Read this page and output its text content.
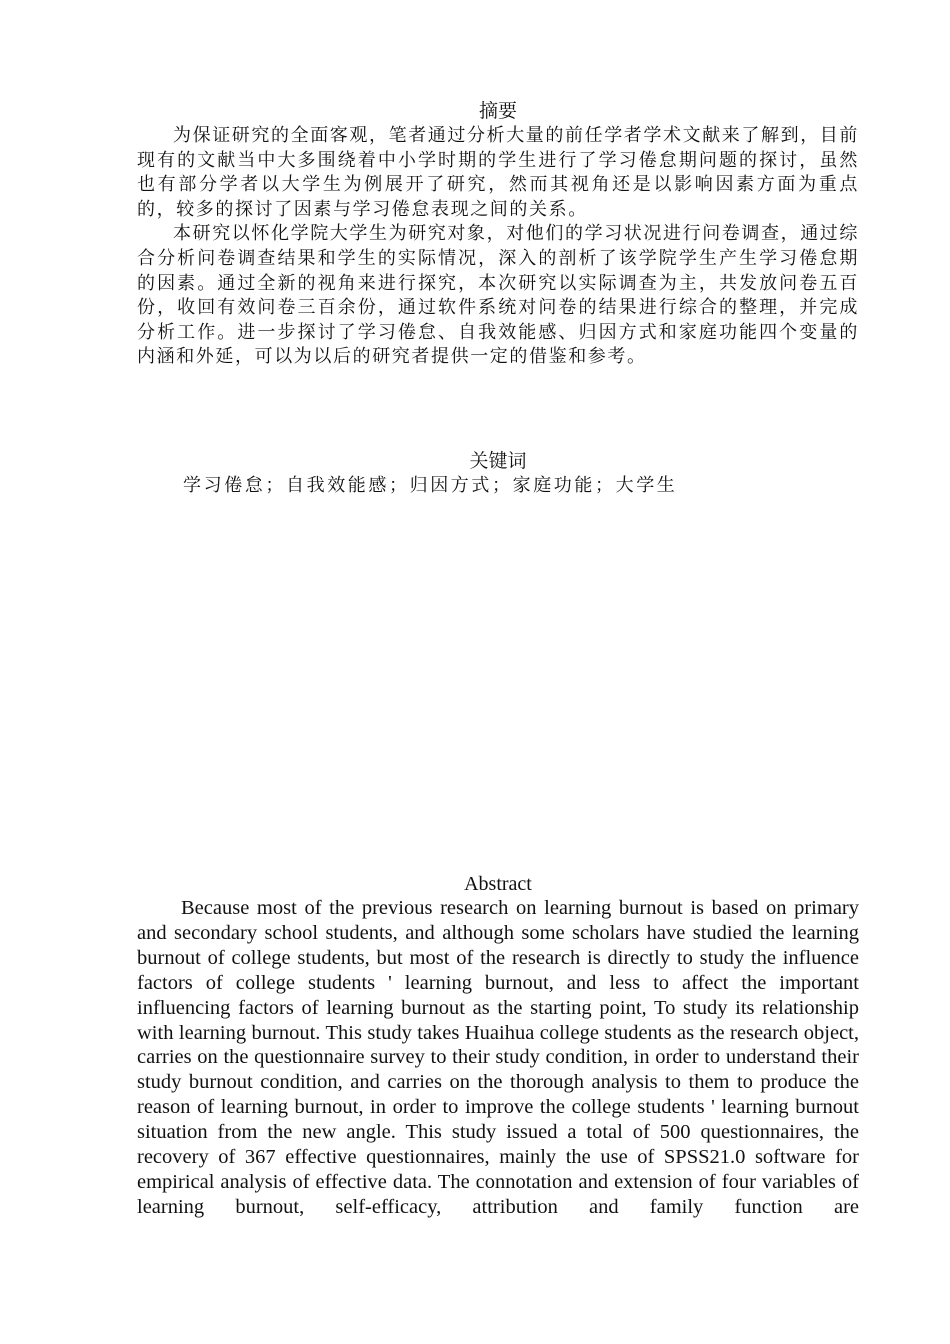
摘要

为保证研究的全面客观，笔者通过分析大量的前任学者学术文献来了解到，目前现有的文献当中大多围绕着中小学时期的学生进行了学习倦怠期问题的探讨，虽然也有部分学者以大学生为例展开了研究，然而其视角还是以影响因素方面为重点的，较多的探讨了因素与学习倦怠表现之间的关系。

本研究以怀化学院大学生为研究对象，对他们的学习状况进行问卷调查，通过综合分析问卷调查结果和学生的实际情况，深入的剖析了该学院学生产生学习倦怠期的因素。通过全新的视角来进行探究，本次研究以实际调查为主，共发放问卷五百份，收回有效问卷三百余份，通过软件系统对问卷的结果进行综合的整理，并完成分析工作。进一步探讨了学习倦怠、自我效能感、归因方式和家庭功能四个变量的内涵和外延，可以为以后的研究者提供一定的借鉴和参考。

关键词

学习倦怠；自我效能感；归因方式；家庭功能；大学生

Abstract

Because most of the previous research on learning burnout is based on primary and secondary school students, and although some scholars have studied the learning burnout of college students, but most of the research is directly to study the influence factors of college students ' learning burnout, and less to affect the important influencing factors of learning burnout as the starting point, To study its relationship with learning burnout. This study takes Huaihua college students as the research object, carries on the questionnaire survey to their study condition, in order to understand their study burnout condition, and carries on the thorough analysis to them to produce the reason of learning burnout, in order to improve the college students ' learning burnout situation from the new angle. This study issued a total of 500 questionnaires, the recovery of 367 effective questionnaires, mainly the use of SPSS21.0 software for empirical analysis of effective data. The connotation and extension of four variables of learning burnout, self-efficacy, attribution and family function are
